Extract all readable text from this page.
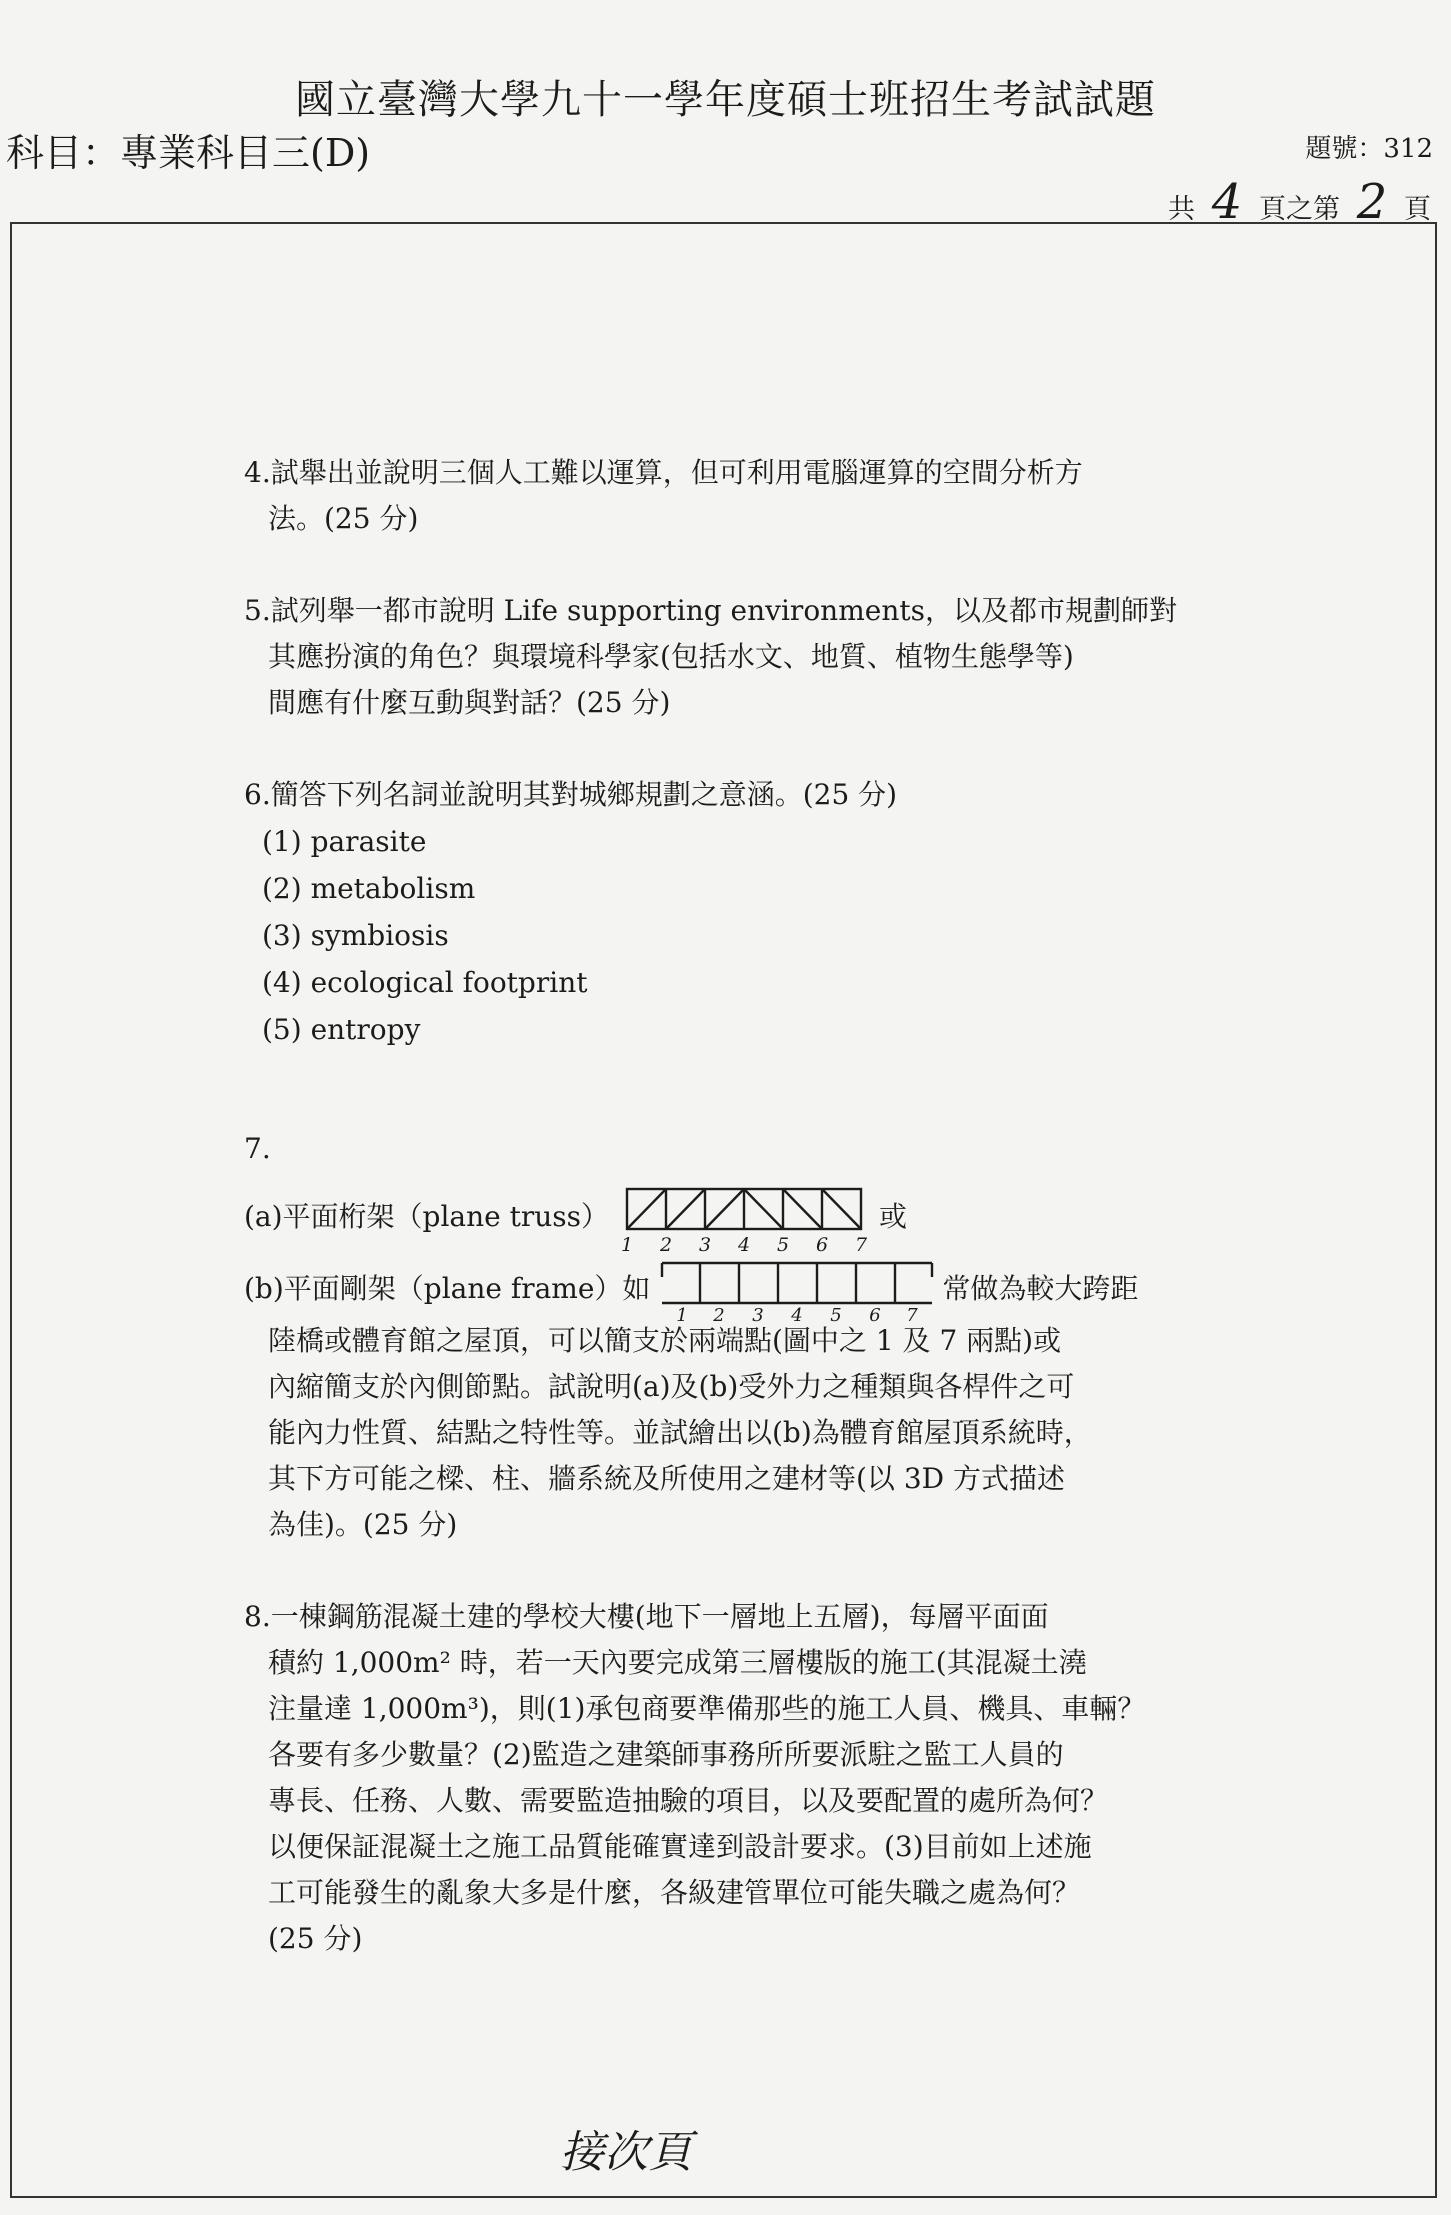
國立臺灣大學九十一學年度碩士班招生考試試題
科目：專業科目三(D)	題號：312
共 4 頁之第 2 頁

4.試舉出並說明三個人工難以運算，但可利用電腦運算的空間分析方

法。(25 分)

5.試列舉一都市說明 Life supporting environments，以及都市規劃師對

其應扮演的角色？與環境科學家(包括水文、地質、植物生態學等)

間應有什麼互動與對話？(25 分)

6.簡答下列名詞並說明其對城鄉規劃之意涵。(25 分)

(1) parasite

(2) metabolism

(3) symbiosis

(4) ecological footprint

(5) entropy

7.

(a)平面桁架（plane truss）
1 2 3 4 5 6 7
或
(b)平面剛架（plane frame）如
1 2 3 4 5 6 7
常做為較大跨距

陸橋或體育館之屋頂，可以簡支於兩端點(圖中之 1 及 7 兩點)或

內縮簡支於內側節點。試說明(a)及(b)受外力之種類與各桿件之可

能內力性質、結點之特性等。並試繪出以(b)為體育館屋頂系統時，

其下方可能之樑、柱、牆系統及所使用之建材等(以 3D 方式描述

為佳)。(25 分)

8.一棟鋼筋混凝土建的學校大樓(地下一層地上五層)，每層平面面

積約 1,000m² 時，若一天內要完成第三層樓版的施工(其混凝土澆

注量達 1,000m³)，則(1)承包商要準備那些的施工人員、機具、車輛？

各要有多少數量？(2)監造之建築師事務所所要派駐之監工人員的

專長、任務、人數、需要監造抽驗的項目，以及要配置的處所為何？

以便保証混凝土之施工品質能確實達到設計要求。(3)目前如上述施

工可能發生的亂象大多是什麼，各級建管單位可能失職之處為何？

(25 分)

接次頁
